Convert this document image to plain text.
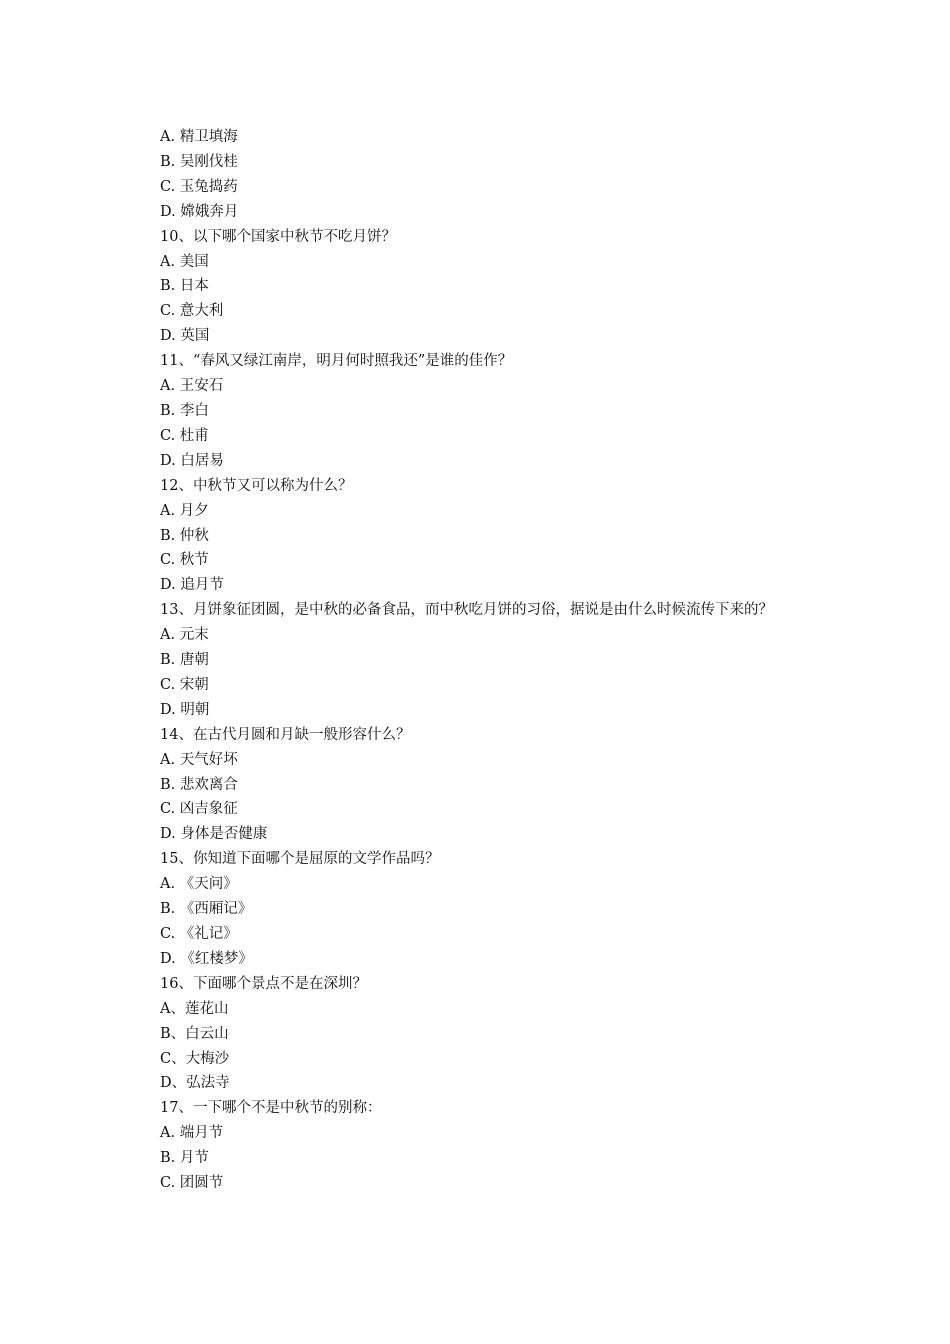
A. 精卫填海

B. 吴刚伐桂

C. 玉兔捣药

D. 嫦娥奔月

10、以下哪个国家中秋节不吃月饼？

A. 美国

B. 日本

C. 意大利

D. 英国

11、“春风又绿江南岸，明月何时照我还”是谁的佳作？

A. 王安石

B. 李白

C. 杜甫

D. 白居易

12、中秋节又可以称为什么？

A. 月夕

B. 仲秋

C. 秋节

D. 追月节

13、月饼象征团圆，是中秋的必备食品，而中秋吃月饼的习俗，据说是由什么时候流传下来的？

A. 元末

B. 唐朝

C. 宋朝

D. 明朝

14、在古代月圆和月缺一般形容什么？

A. 天气好坏

B. 悲欢离合

C. 凶吉象征

D. 身体是否健康

15、你知道下面哪个是屈原的文学作品吗？

A. 《天问》

B. 《西厢记》

C. 《礼记》

D. 《红楼梦》

16、下面哪个景点不是在深圳？

A、莲花山

B、白云山

C、大梅沙

D、弘法寺

17、一下哪个不是中秋节的别称：

A. 端月节

B. 月节

C. 团圆节
